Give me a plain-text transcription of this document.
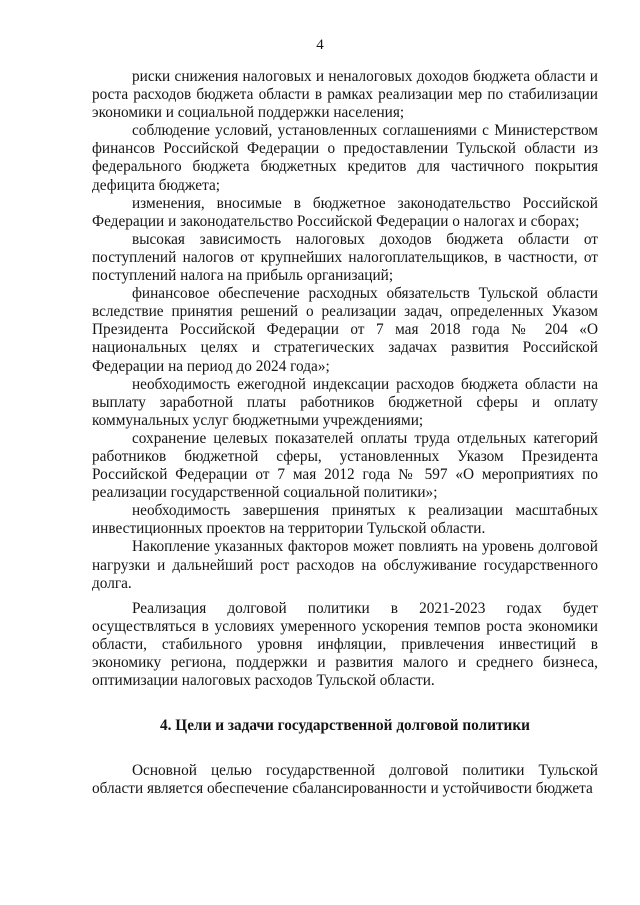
4

риски снижения налоговых и неналоговых доходов бюджета области и роста расходов бюджета области в рамках реализации мер по стабилизации экономики и социальной поддержки населения;

соблюдение условий, установленных соглашениями с Министерством финансов Российской Федерации о предоставлении Тульской области из федерального бюджета бюджетных кредитов для частичного покрытия дефицита бюджета;

изменения, вносимые в бюджетное законодательство Российской Федерации и законодательство Российской Федерации о налогах и сборах;

высокая зависимость налоговых доходов бюджета области от поступлений налогов от крупнейших налогоплательщиков, в частности, от поступлений налога на прибыль организаций;

финансовое обеспечение расходных обязательств Тульской области вследствие принятия решений о реализации задач, определенных Указом Президента Российской Федерации от 7 мая 2018 года № 204 «О национальных целях и стратегических задачах развития Российской Федерации на период до 2024 года»;

необходимость ежегодной индексации расходов бюджета области на выплату заработной платы работников бюджетной сферы и оплату коммунальных услуг бюджетными учреждениями;

сохранение целевых показателей оплаты труда отдельных категорий работников бюджетной сферы, установленных Указом Президента Российской Федерации от 7 мая 2012 года № 597 «О мероприятиях по реализации государственной социальной политики»;

необходимость завершения принятых к реализации масштабных инвестиционных проектов на территории Тульской области.

Накопление указанных факторов может повлиять на уровень долговой нагрузки и дальнейший рост расходов на обслуживание государственного долга.

Реализация долговой политики в 2021-2023 годах будет осуществляться в условиях умеренного ускорения темпов роста экономики области, стабильного уровня инфляции, привлечения инвестиций в экономику региона, поддержки и развития малого и среднего бизнеса, оптимизации налоговых расходов Тульской области.

4. Цели и задачи государственной долговой политики

Основной целью государственной долговой политики Тульской области является обеспечение сбалансированности и устойчивости бюджета
